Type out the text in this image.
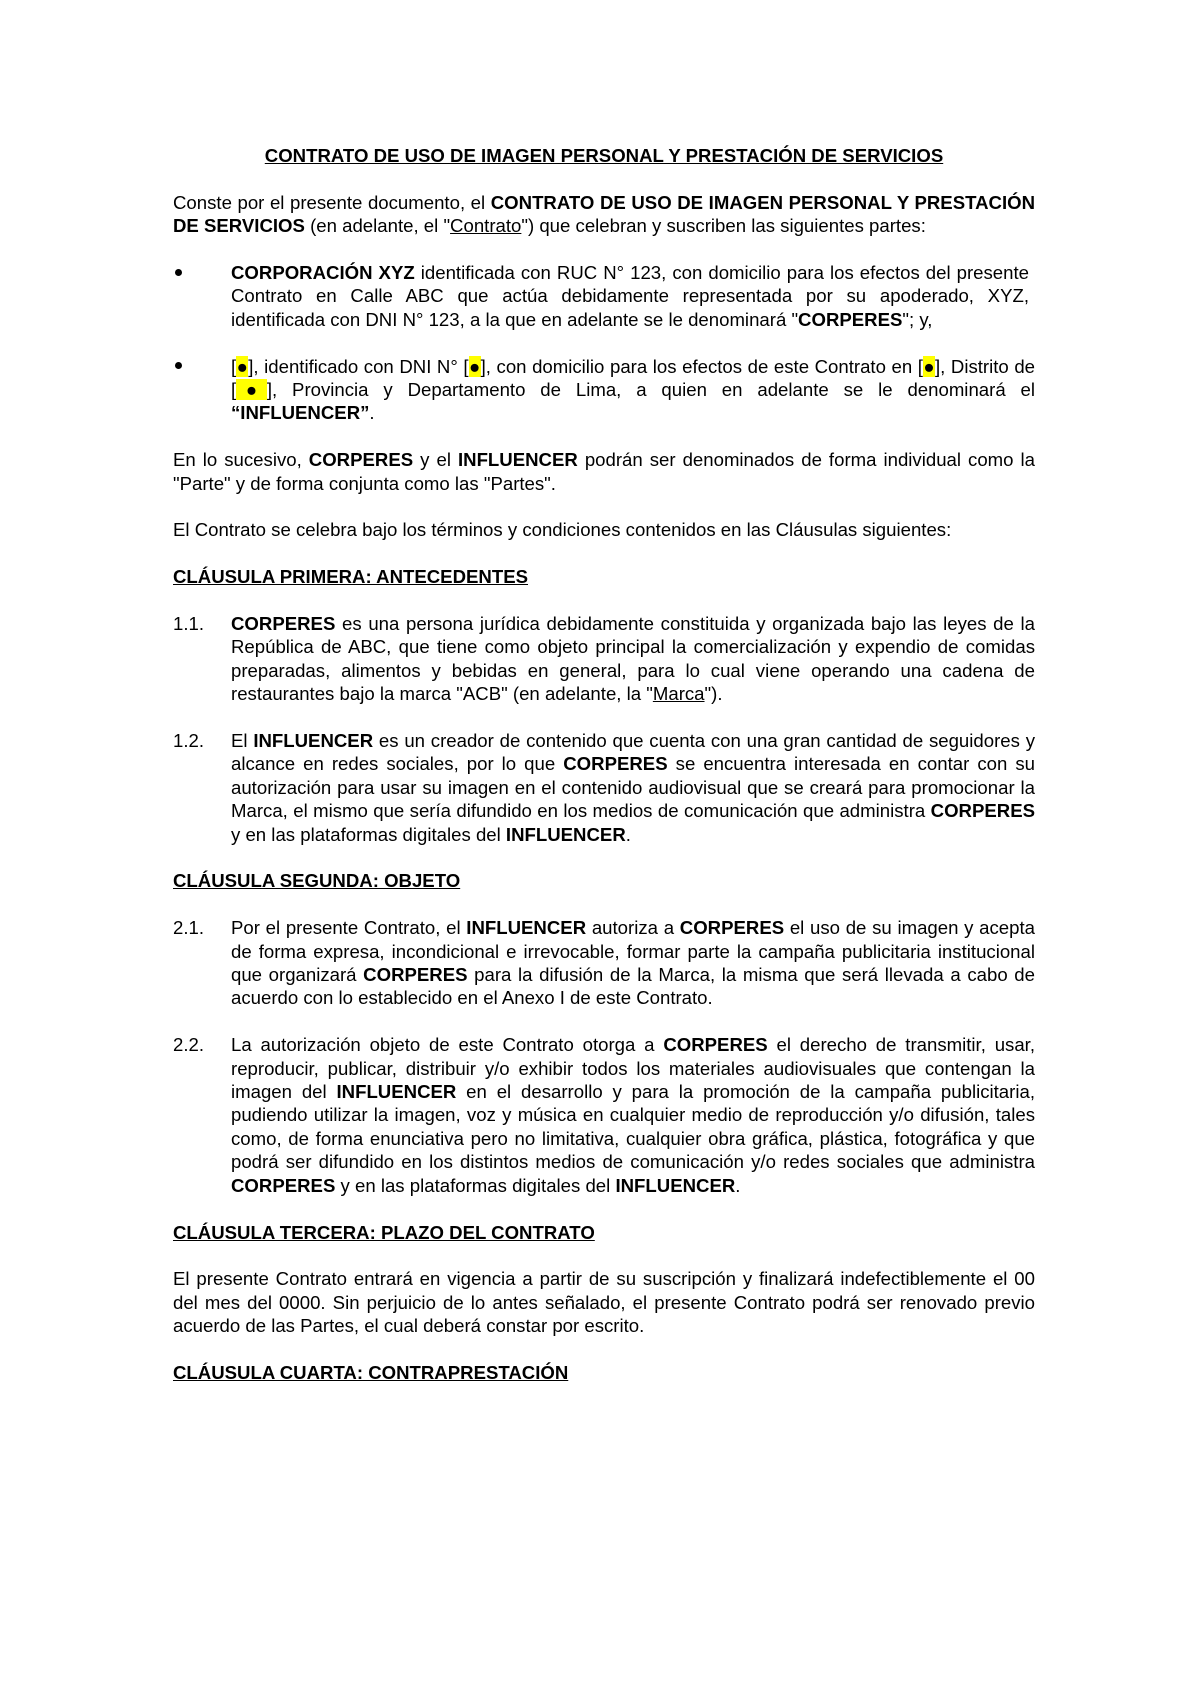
CONTRATO DE USO DE IMAGEN PERSONAL Y PRESTACIÓN DE SERVICIOS

Conste por el presente documento, el CONTRATO DE USO DE IMAGEN PERSONAL Y PRESTACIÓN DE SERVICIOS (en adelante, el "Contrato") que celebran y suscriben las siguientes partes:

CORPORACIÓN XYZ identificada con RUC N° 123, con domicilio para los efectos del presente Contrato en Calle ABC que actúa debidamente representada por su apoderado, XYZ, identificada con DNI N° 123, a la que en adelante se le denominará "CORPERES"; y,
[●], identificado con DNI N° [●], con domicilio para los efectos de este Contrato en [●], Distrito de [●], Provincia y Departamento de Lima, a quien en adelante se le denominará el “INFLUENCER”.

En lo sucesivo, CORPERES y el INFLUENCER podrán ser denominados de forma individual como la "Parte" y de forma conjunta como las "Partes".

El Contrato se celebra bajo los términos y condiciones contenidos en las Cláusulas siguientes:

CLÁUSULA PRIMERA: ANTECEDENTES
1.1.	CORPERES es una persona jurídica debidamente constituida y organizada bajo las leyes de la República de ABC, que tiene como objeto principal la comercialización y expendio de comidas preparadas, alimentos y bebidas en general, para lo cual viene operando una cadena de restaurantes bajo la marca "ACB" (en adelante, la "Marca").
1.2.	El INFLUENCER es un creador de contenido que cuenta con una gran cantidad de seguidores y alcance en redes sociales, por lo que CORPERES se encuentra interesada en contar con su autorización para usar su imagen en el contenido audiovisual que se creará para promocionar la Marca, el mismo que sería difundido en los medios de comunicación que administra CORPERES y en las plataformas digitales del INFLUENCER.
CLÁUSULA SEGUNDA: OBJETO
2.1.	Por el presente Contrato, el INFLUENCER autoriza a CORPERES el uso de su imagen y acepta de forma expresa, incondicional e irrevocable, formar parte la campaña publicitaria institucional que organizará CORPERES para la difusión de la Marca, la misma que será llevada a cabo de acuerdo con lo establecido en el Anexo I de este Contrato.
2.2.	La autorización objeto de este Contrato otorga a CORPERES el derecho de transmitir, usar, reproducir, publicar, distribuir y/o exhibir todos los materiales audiovisuales que contengan la imagen del INFLUENCER en el desarrollo y para la promoción de la campaña publicitaria, pudiendo utilizar la imagen, voz y música en cualquier medio de reproducción y/o difusión, tales como, de forma enunciativa pero no limitativa, cualquier obra gráfica, plástica, fotográfica y que podrá ser difundido en los distintos medios de comunicación y/o redes sociales que administra CORPERES y en las plataformas digitales del INFLUENCER.
CLÁUSULA TERCERA: PLAZO DEL CONTRATO

El presente Contrato entrará en vigencia a partir de su suscripción y finalizará indefectiblemente el 00 del mes del 0000. Sin perjuicio de lo antes señalado, el presente Contrato podrá ser renovado previo acuerdo de las Partes, el cual deberá constar por escrito.

CLÁUSULA CUARTA: CONTRAPRESTACIÓN
